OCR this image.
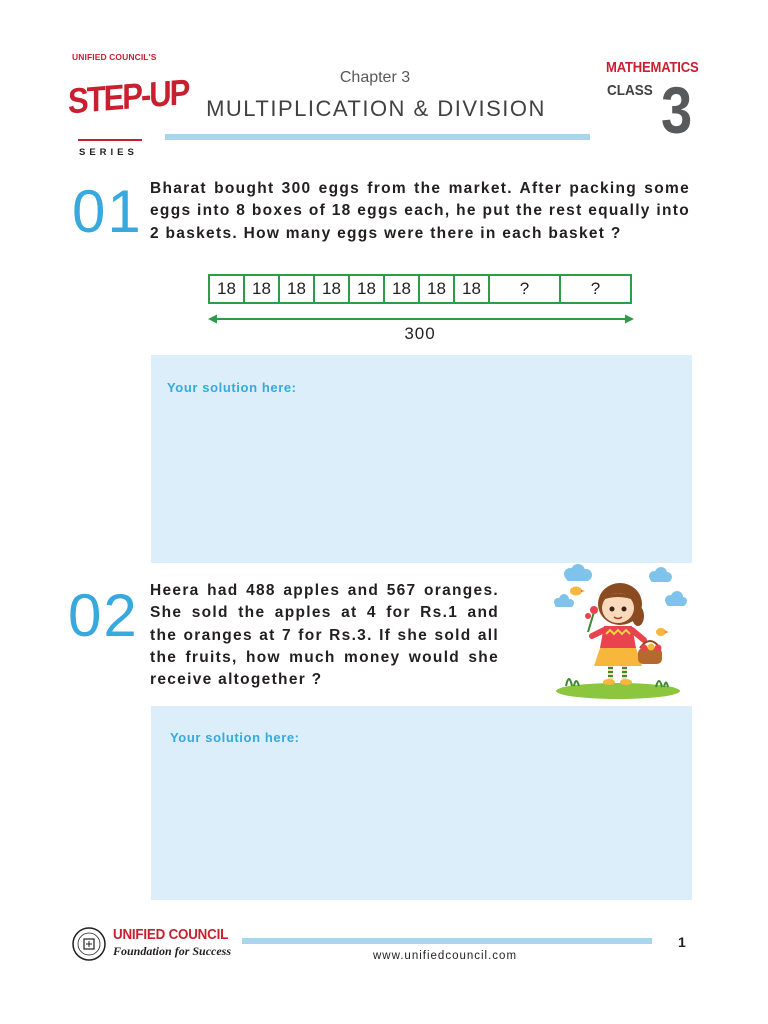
UNIFIED COUNCIL'S
STEP-UP
SERIES
Chapter 3
MULTIPLICATION & DIVISION
MATHEMATICS
CLASS 3
01 Bharat bought 300 eggs from the market. After packing some eggs into 8 boxes of 18 eggs each, he put the rest equally into 2 baskets. How many eggs were there in each basket ?

18 18 18 18 18 18 18 18	?	?
300
Your solution here:
02 Heera had 488 apples and 567 oranges. She sold the apples at 4 for Rs.1 and the oranges at 7 for Rs.3. If she sold all the fruits, how much money would she receive altogether ?

Your solution here:
UNIFIED COUNCIL
Foundation for Success
1
www.unifiedcouncil.com
